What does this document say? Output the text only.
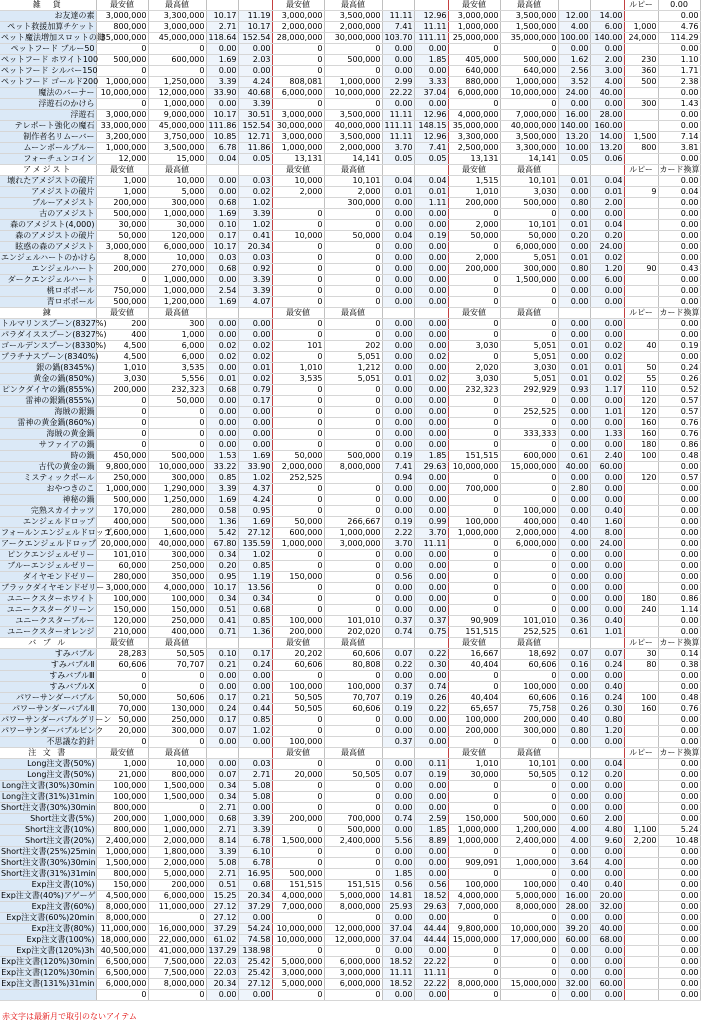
雑　貨	最安値	最高値			最安値	最高値			最安値	最高値			ルピー	0.00
お友達の素	3,000,000	3,300,000	10.17	11.19	3,000,000	3,500,000	11.11	12.96	3,000,000	3,500,000	12.00	14.00		0.00
ペット救援加算チケット	800,000	3,000,000	2.71	10.17	2,000,000	2,000,000	7.41	11.11	1,000,000	1,500,000	4.00	6.00	1,000	4.76
ペット魔法増加スロットの鍵	35,000,000	45,000,000	118.64	152.54	28,000,000	30,000,000	103.70	111.11	25,000,000	35,000,000	100.00	140.00	24,000	114.29
ペットフード ブルー50	0	0	0.00	0.00	0	0	0.00	0.00	0	0	0.00	0.00		0.00
ペットフード ホワイト100	500,000	600,000	1.69	2.03	0	500,000	0.00	1.85	405,000	500,000	1.62	2.00	230	1.10
ペットフード シルバー150	0	0	0.00	0.00	0	0	0.00	0.00	640,000	640,000	2.56	3.00	360	1.71
ペットフード ゴールド200	1,000,000	1,250,000	3.39	4.24	808,081	1,000,000	2.99	3.33	880,000	1,000,000	3.52	4.00	500	2.38
魔法のバーナー	10,000,000	12,000,000	33.90	40.68	6,000,000	10,000,000	22.22	37.04	6,000,000	10,000,000	24.00	40.00		0.00
浮遊石のかけら	0	1,000,000	0.00	3.39	0	0	0.00	0.00	0	0	0.00	0.00	300	1.43
浮遊石	3,000,000	9,000,000	10.17	30.51	3,000,000	3,500,000	11.11	12.96	4,000,000	7,000,000	16.00	28.00		0.00
テレポート強化の魔石	33,000,000	45,000,000	111.86	152.54	30,000,000	40,000,000	111.11	148.15	35,000,000	40,000,000	140.00	160.00		0.00
制作者名リムーバー	3,200,000	3,750,000	10.85	12.71	3,000,000	3,500,000	11.11	12.96	3,300,000	3,500,000	13.20	14.00	1,500	7.14
ムーンボールブルー	1,000,000	3,500,000	6.78	11.86	1,000,000	2,000,000	3.70	7.41	2,500,000	3,300,000	10.00	13.20	800	3.81
フォーチュンコイン	12,000	15,000	0.04	0.05	13,131	14,141	0.05	0.05	13,131	14,141	0.05	0.06		0.00
アメジスト	最安値	最高値			最安値	最高値			最安値	最高値			ルピー	カード換算
壊れたアメジストの破片	1,000	10,000	0.00	0.03	10,000	10,101	0.04	0.04	1,515	10,101	0.01	0.04		0.00
アメジストの破片	1,000	5,000	0.00	0.02	2,000	2,000	0.01	0.01	1,010	3,030	0.00	0.01	9	0.04
ブルーアメジスト	200,000	300,000	0.68	1.02		300,000	0.00	1.11	200,000	500,000	0.80	2.00		0.00
古のアメジスト	500,000	1,000,000	1.69	3.39	0	0	0.00	0.00	0	0	0.00	0.00		0.00
森のアメジスト(4,000)	30,000	30,000	0.10	1.02	0	0	0.00	0.00	2,000	10,101	0.01	0.04		0.00
森のアメジストの破片	50,000	120,000	0.17	0.41	10,000	50,000	0.04	0.19	50,000	50,000	0.20	0.20		0.00
眩惑の森のアメジスト	3,000,000	6,000,000	10.17	20.34	0	0	0.00	0.00	0	6,000,000	0.00	24.00		0.00
エンジェルハートのかけら	8,000	10,000	0.03	0.03	0	0	0.00	0.00	2,000	5,051	0.01	0.02		0.00
エンジェルハート	200,000	270,000	0.68	0.92	0	0	0.00	0.00	200,000	300,000	0.80	1.20	90	0.43
ダークエンジェルハート	0	1,000,000	0.00	3.39	0	0	0.00	0.00	0	1,500,000	0.00	6.00		0.00
桃ロボポール	750,000	1,000,000	2.54	3.39	0	0	0.00	0.00	0	0	0.00	0.00		0.00
青ロボポール	500,000	1,200,000	1.69	4.07	0	0	0.00	0.00	0	0	0.00	0.00		0.00
錬	最安値	最高値			最安値	最高値			最安値	最高値			ルピー	カード換算
トルマリンスプーン(8327%)	200	300	0.00	0.00	0	0	0.00	0.00	0	0	0.00	0.00		0.00
パラダイススプーン(8327%)	400	1,000	0.00	0.00	0	0	0.00	0.00	0	0	0.00	0.00		0.00
ゴールデンスプーン(8330%)	4,500	6,000	0.02	0.02	101	202	0.00	0.00	3,030	5,051	0.01	0.02	40	0.19
プラチナスプーン(8340%)	4,500	6,000	0.02	0.02	0	5,051	0.00	0.02	0	5,051	0.00	0.02		0.00
銀の鍋(8345%)	1,010	3,535	0.00	0.01	1,010	1,212	0.00	0.00	2,020	3,030	0.01	0.01	50	0.24
黄金の鍋(850%)	3,030	5,556	0.01	0.02	3,535	5,051	0.01	0.02	3,030	5,051	0.01	0.02	55	0.26
ピンクダイヤの鍋(855%)	200,000	232,323	0.68	0.79	0	0	0.00	0.00	232,323	292,929	0.93	1.17	110	0.52
雷神の銀鍋(855%)	0	50,000	0.00	0.17	0	0	0.00	0.00	0	0	0.00	0.00	120	0.57
海賊の銀鍋	0	0	0.00	0.00	0	0	0.00	0.00	0	252,525	0.00	1.01	120	0.57
雷神の黄金鍋(860%)	0	0	0.00	0.00	0	0	0.00	0.00	0	0	0.00	0.00	160	0.76
海賊の黄金鍋	0	0	0.00	0.00	0	0	0.00	0.00	0	333,333	0.00	1.33	160	0.76
サファイアの鍋	0	0	0.00	0.00	0	0	0.00	0.00	0	0	0.00	0.00	180	0.86
時の鍋	450,000	500,000	1.53	1.69	50,000	500,000	0.19	1.85	151,515	600,000	0.61	2.40	100	0.48
古代の黄金の鍋	9,800,000	10,000,000	33.22	33.90	2,000,000	8,000,000	7.41	29.63	10,000,000	15,000,000	40.00	60.00		0.00
ミスティックポール	250,000	300,000	0.85	1.02	252,525		0.94	0.00	0	0	0.00	0.00	120	0.57
おやつきのこ	1,000,000	1,290,000	3.39	4.37	0	0	0.00	0.00	700,000	0	2.80	0.00		0.00
神秘の鍋	500,000	1,250,000	1.69	4.24	0	0	0.00	0.00	0	0	0.00	0.00		0.00
完熟スカイナッツ	170,000	280,000	0.58	0.95	0	0	0.00	0.00	0	100,000	0.00	0.40		0.00
エンジェルドロップ	400,000	500,000	1.36	1.69	50,000	266,667	0.19	0.99	100,000	400,000	0.40	1.60		0.00
フォールンエンジェルドロップ	1,600,000	1,600,000	5.42	27.12	600,000	1,000,000	2.22	3.70	1,000,000	2,000,000	4.00	8.00		0.00
アークエンジェルドロップ	20,000,000	40,000,000	67.80	135.59	1,000,000	3,000,000	3.70	11.11	0	6,000,000	0.00	24.00		0.00
ピンクエンジェルゼリー	101,010	300,000	0.34	1.02	0	0	0.00	0.00	0	0	0.00	0.00		0.00
ブルーエンジェルゼリー	60,000	250,000	0.20	0.85	0	0	0.00	0.00	0	0	0.00	0.00		0.00
ダイヤモンドゼリー	280,000	350,000	0.95	1.19	150,000	0	0.56	0.00	0	0	0.00	0.00		0.00
ブラックダイヤモンドゼリー	3,000,000	4,000,000	10.17	13.56	0	0	0.00	0.00	0	0	0.00	0.00		0.00
ユニークスターホワイト	100,000	100,000	0.34	0.34	0	0	0.00	0.00	0	0	0.00	0.00	180	0.86
ユニークスターグリーン	150,000	150,000	0.51	0.68	0	0	0.00	0.00	0	0	0.00	0.00	240	1.14
ユニークスターブルー	120,000	250,000	0.41	0.85	100,000	101,010	0.37	0.37	90,909	101,010	0.36	0.40		0.00
ユニークスターオレンジ	210,000	400,000	0.71	1.36	200,000	202,020	0.74	0.75	151,515	252,525	0.61	1.01		0.00
バ ブ ル	最安値	最高値			最安値	最高値			最安値	最高値			ルピー	カード換算
すみバブル	28,283	50,505	0.10	0.17	20,202	60,606	0.07	0.22	16,667	18,692	0.07	0.07	30	0.14
すみバブルⅡ	60,606	70,707	0.21	0.24	60,606	80,808	0.22	0.30	40,404	60,606	0.16	0.24	80	0.38
すみバブルⅢ	0	0	0.00	0.00	0	0	0.00	0.00	0	0	0.00	0.00		0.00
すみバブルⅩ	0	0	0.00	0.00	100,000	100,000	0.37	0.74	0	100,000	0.00	0.40		0.00
パワーサンダーバブル	50,000	50,606	0.17	0.21	50,505	70,707	0.19	0.26	40,404	60,606	0.16	0.24	100	0.48
パワーサンダーバブルⅡ	70,000	130,000	0.24	0.44	50,505	60,606	0.19	0.22	65,657	75,758	0.26	0.30	160	0.76
パワーサンダーバブルグリーン	50,000	250,000	0.17	0.85	0	0	0.00	0.00	100,000	200,000	0.40	0.80		0.00
パワーサンダーバブルピンク	20,000	300,000	0.07	1.02	0	0	0.00	0.00	200,000	300,000	0.80	1.20		0.00
不思議な釣針	0	0	0.00	0.00	100,000		0.37	0.00	0	0	0.00	0.00		0.00
注 文 書	最安値	最高値			最安値	最高値			最安値	最高値			ルピー	カード換算
Long注文書(50%)	1,000	10,000	0.00	0.03	0	0	0.00	0.11	1,010	10,101	0.00	0.04		0.00
Long注文書(50%)	21,000	800,000	0.07	2.71	20,000	50,505	0.07	0.19	30,000	50,505	0.12	0.20		0.00
Long注文書(30%)30min	100,000	1,500,000	0.34	5.08	0	0	0.00	0.00	0	0	0.00	0.00		0.00
Long注文書(31%)31min	100,000	1,500,000	0.34	5.08	0	0	0.00	0.00	0	0	0.00	0.00		0.00
Short注文書(30%)30min	800,000	0	2.71	0.00	0	0	0.00	0.00	0	0	0.00	0.00		0.00
Short注文書(5%)	200,000	1,000,000	0.68	3.39	200,000	700,000	0.74	2.59	150,000	500,000	0.60	2.00		0.00
Short注文書(10%)	800,000	1,000,000	2.71	3.39	0	500,000	0.00	1.85	1,000,000	1,200,000	4.00	4.80	1,100	5.24
Short注文書(20%)	2,400,000	2,000,000	8.14	6.78	1,500,000	2,400,000	5.56	8.89	1,000,000	2,400,000	4.00	9.60	2,200	10.48
Short注文書(25%)25min	1,000,000	1,800,000	3.39	6.10	0	0	0.00	0.00	0	0	0.00	0.00		0.00
Short注文書(30%)30min	1,500,000	2,000,000	5.08	6.78	0	0	0.00	0.00	909,091	1,000,000	3.64	4.00		0.00
Short注文書(31%)31min	800,000	5,000,000	2.71	16.95	500,000	0	1.85	0.00	0	0	0.00	0.00		0.00
Exp注文書(10%)	150,000	200,000	0.51	0.68	151,515	151,515	0.56	0.56	100,000	100,000	0.40	0.40		0.00
Exp注文書(40%)アゲーゲ	4,500,000	6,000,000	15.25	20.34	4,000,000	5,000,000	14.81	18.52	4,000,000	5,000,000	16.00	20.00		0.00
Exp注文書(60%)	8,000,000	11,000,000	27.12	37.29	7,000,000	8,000,000	25.93	29.63	7,000,000	8,000,000	28.00	32.00		0.00
Exp注文書(60%)20min	8,000,000	0	27.12	0.00	0	0	0.00	0.00	0	0	0.00	0.00		0.00
Exp注文書(80%)	11,000,000	16,000,000	37.29	54.24	10,000,000	12,000,000	37.04	44.44	9,800,000	10,000,000	39.20	40.00		0.00
Exp注文書(100%)	18,000,000	22,000,000	61.02	74.58	10,000,000	12,000,000	37.04	44.44	15,000,000	17,000,000	60.00	68.00		0.00
Exp注文書(120%)3h	40,500,000	41,000,000	137.29	138.98	0	0	0.00	0.00	0	0	0.00	0.00		0.00
Exp注文書(120%)30min	6,500,000	7,500,000	22.03	25.42	5,000,000	6,000,000	18.52	22.22	0	0	0.00	0.00		0.00
Exp注文書(120%)30min	6,500,000	7,500,000	22.03	25.42	3,000,000	3,000,000	11.11	11.11	0	0	0.00	0.00		0.00
Exp注文書(131%)31min	6,000,000	8,000,000	20.34	27.12	5,000,000	6,000,000	18.52	22.22	8,000,000	15,000,000	32.00	60.00		0.00
	0	0	0.00	0.00	0	0	0.00	0.00	0	0	0.00	0.00		0.00
赤文字は最新月で取引のないアイテム
